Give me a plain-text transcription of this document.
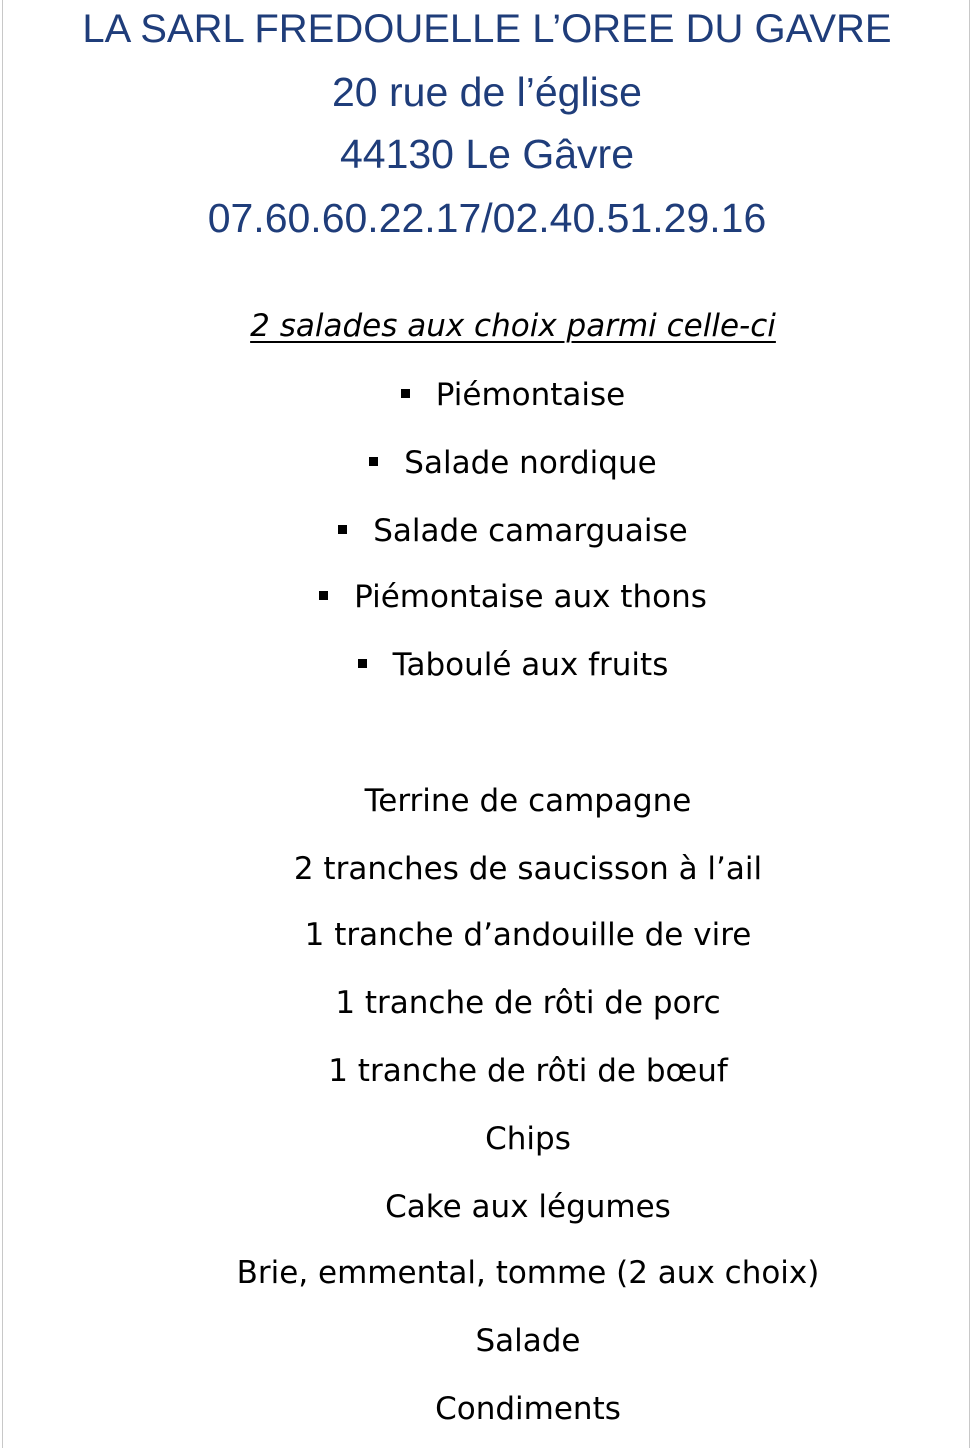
LA SARL FREDOUELLE L’OREE DU GAVRE
20 rue de l’église
44130 Le Gâvre
07.60.60.22.17/02.40.51.29.16
2 salades aux choix parmi celle-ci
Piémontaise
Salade nordique
Salade camarguaise
Piémontaise aux thons
Taboulé aux fruits
Terrine de campagne
2 tranches de saucisson à l’ail
1 tranche d’andouille de vire
1 tranche de rôti de porc
1 tranche de rôti de bœuf
Chips
Cake aux légumes
Brie, emmental, tomme (2 aux choix)
Salade
Condiments
